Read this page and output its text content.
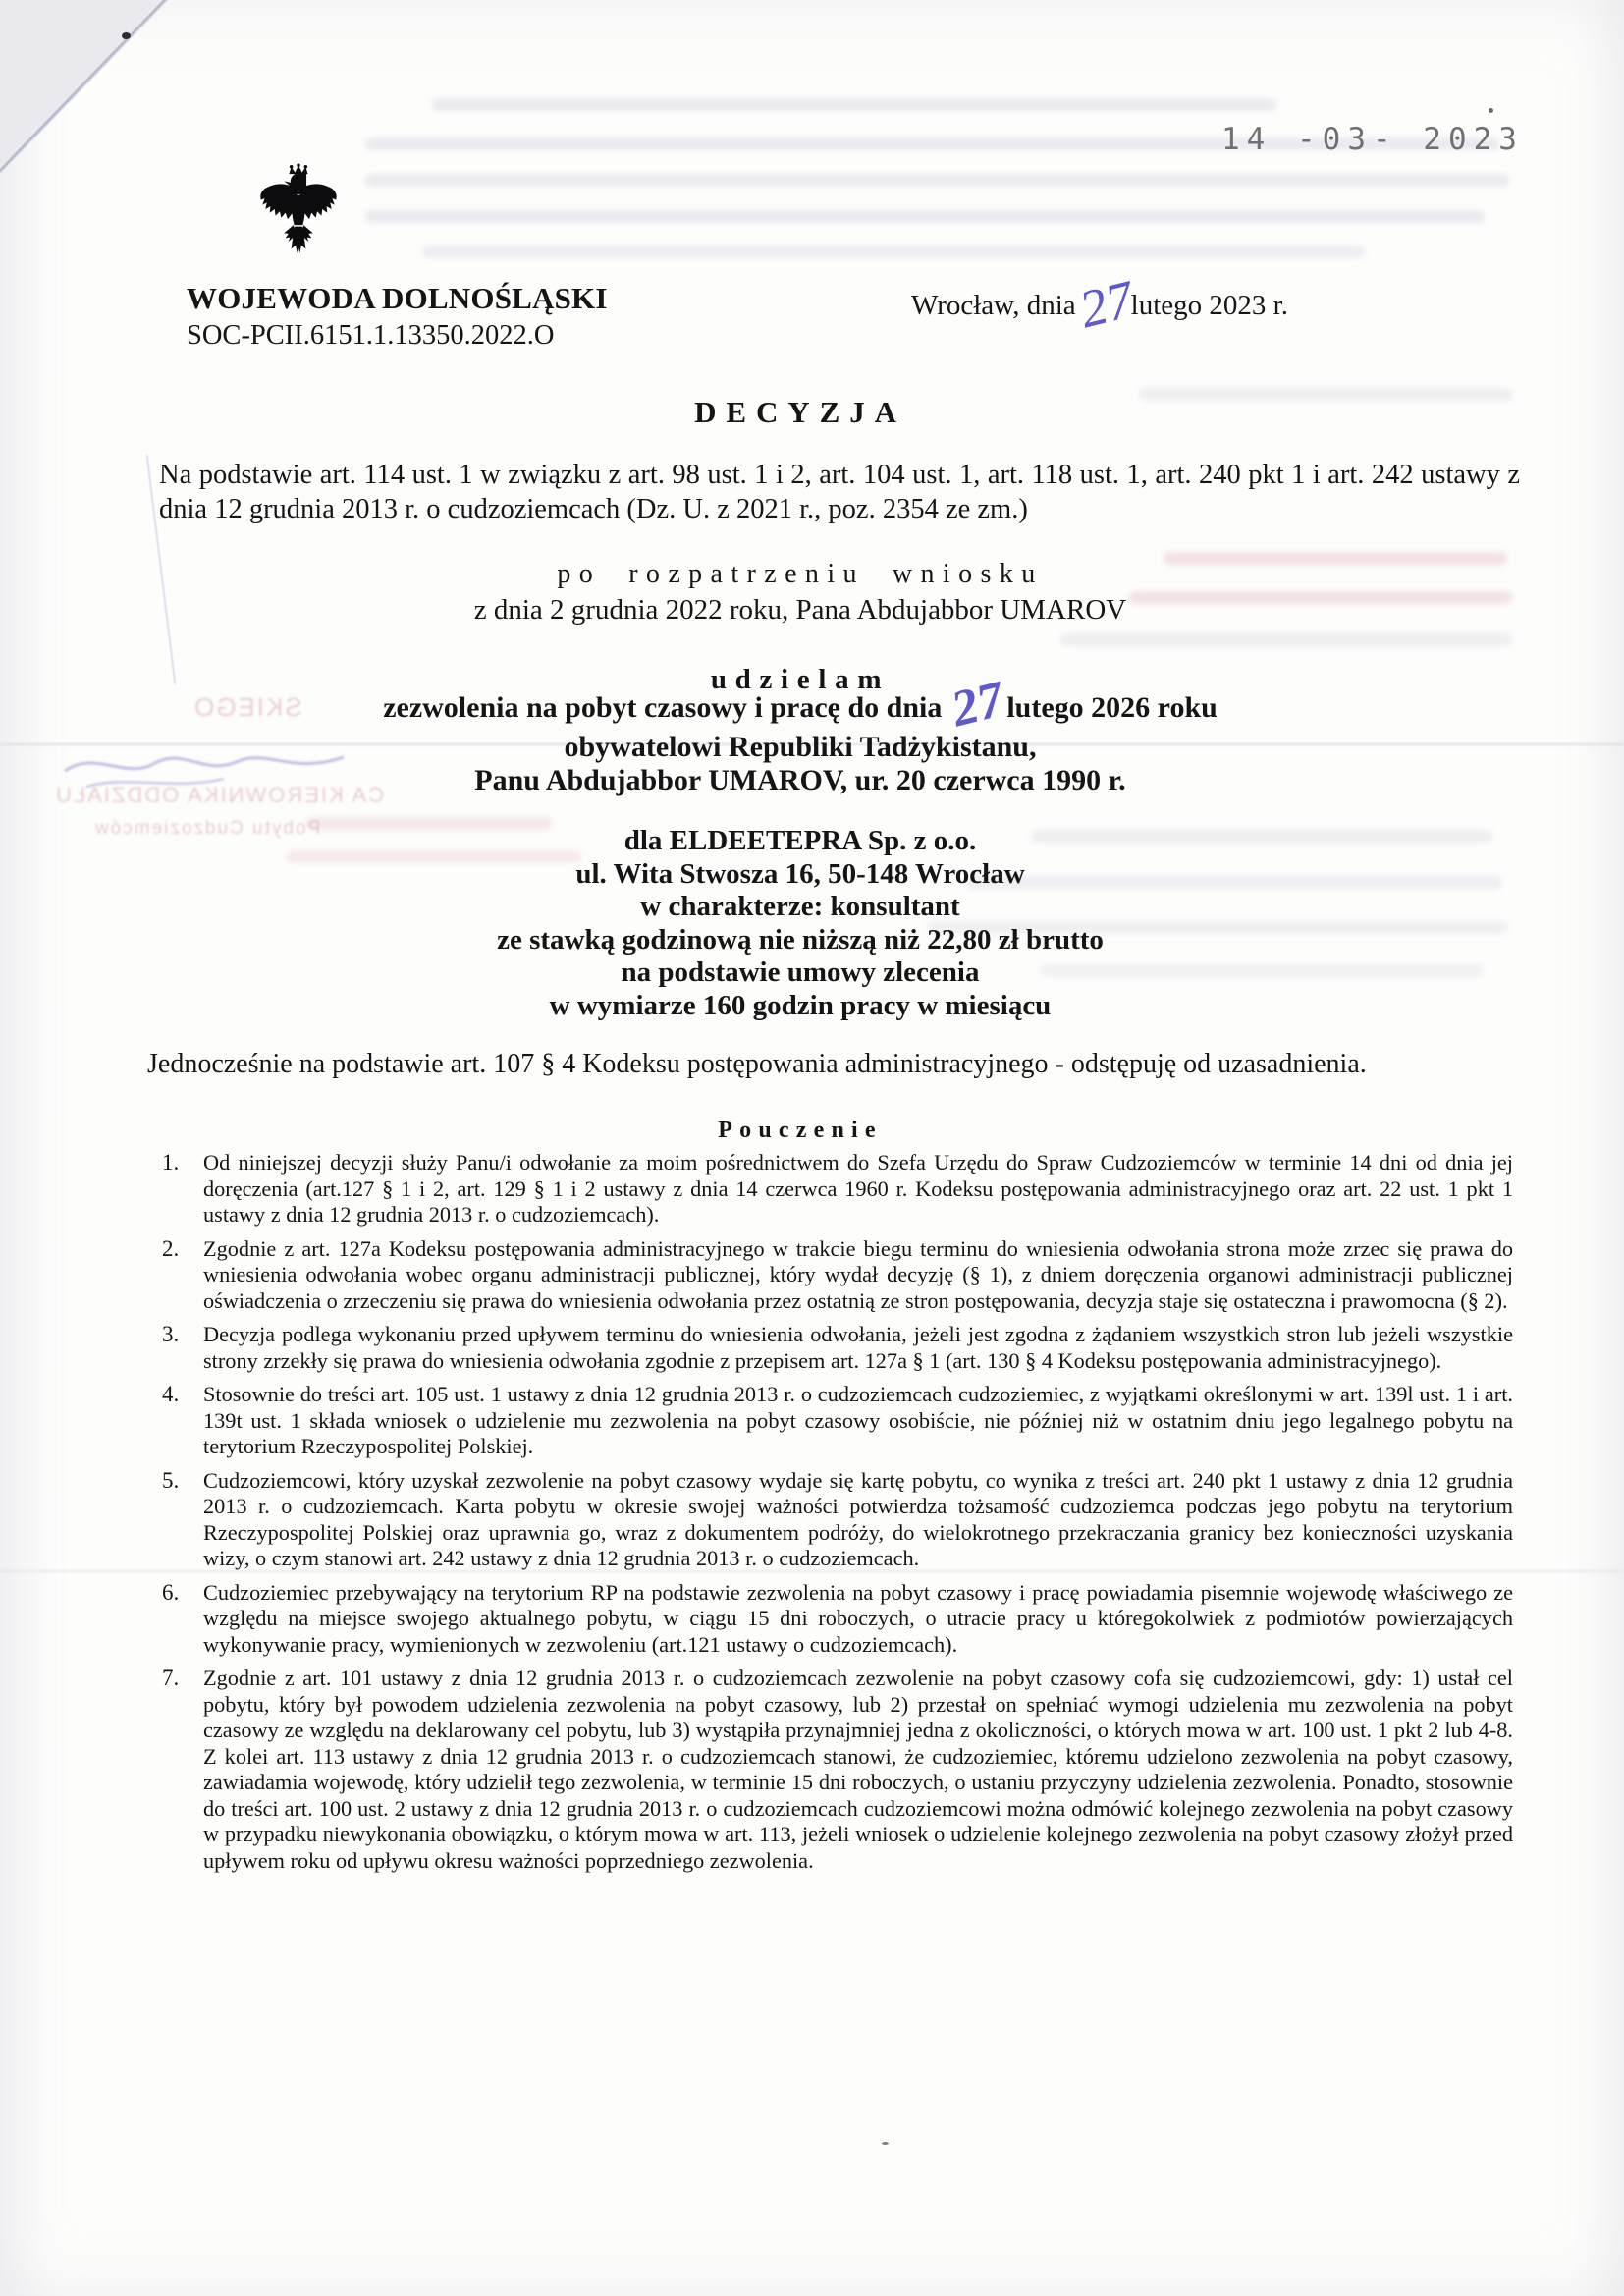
SKIEGO
CA KIEROWNIKA ODDZIAŁU
Pobytu Cudzoziemców
14 -03- 2023
WOJEWODA DOLNOŚLĄSKI
SOC-PCII.6151.1.13350.2022.O
Wrocław, dnia
27
lutego 2023 r.
DECYZJA
Na podstawie art. 114 ust. 1 w związku z art. 98 ust. 1 i 2, art. 104 ust. 1, art. 118 ust. 1, art. 240 pkt 1 i art. 242 ustawy z dnia 12 grudnia 2013 r. o cudzoziemcach (Dz. U. z 2021 r., poz. 2354 ze zm.)
po rozpatrzeniu wniosku
z dnia 2 grudnia 2022 roku, Pana Abdujabbor UMAROV
udzielam
zezwolenia na pobyt czasowy i pracę do dnia 27
lutego 2026 roku
obywatelowi Republiki Tadżykistanu,
Panu Abdujabbor UMAROV, ur. 20 czerwca 1990 r.
dla ELDEETEPRA Sp. z o.o.
ul. Wita Stwosza 16, 50-148 Wrocław
w charakterze: konsultant
ze stawką godzinową nie niższą niż 22,80 zł brutto
na podstawie umowy zlecenia
w wymiarze 160 godzin pracy w miesiącu
Jednocześnie na podstawie art. 107 § 4 Kodeksu postępowania administracyjnego - odstępuję od uzasadnienia.
Pouczenie
1.	Od niniejszej decyzji służy Panu/i odwołanie za moim pośrednictwem do Szefa Urzędu do Spraw Cudzoziemców w terminie 14 dni od dnia jej doręczenia (art.127 § 1 i 2, art. 129 § 1 i 2 ustawy z dnia 14 czerwca 1960 r. Kodeksu postępowania administracyjnego oraz art. 22 ust. 1 pkt 1 ustawy z dnia 12 grudnia 2013 r. o cudzoziemcach).
2.	Zgodnie z art. 127a Kodeksu postępowania administracyjnego w trakcie biegu terminu do wniesienia odwołania strona może zrzec się prawa do wniesienia odwołania wobec organu administracji publicznej, który wydał decyzję (§ 1), z dniem doręczenia organowi administracji publicznej oświadczenia o zrzeczeniu się prawa do wniesienia odwołania przez ostatnią ze stron postępowania, decyzja staje się ostateczna i prawomocna (§ 2).
3.	Decyzja podlega wykonaniu przed upływem terminu do wniesienia odwołania, jeżeli jest zgodna z żądaniem wszystkich stron lub jeżeli wszystkie strony zrzekły się prawa do wniesienia odwołania zgodnie z przepisem art. 127a § 1 (art. 130 § 4 Kodeksu postępowania administracyjnego).
4.	Stosownie do treści art. 105 ust. 1 ustawy z dnia 12 grudnia 2013 r. o cudzoziemcach cudzoziemiec, z wyjątkami określonymi w art. 139l ust. 1 i art. 139t ust. 1 składa wniosek o udzielenie mu zezwolenia na pobyt czasowy osobiście, nie później niż w ostatnim dniu jego legalnego pobytu na terytorium Rzeczypospolitej Polskiej.
5.	Cudzoziemcowi, który uzyskał zezwolenie na pobyt czasowy wydaje się kartę pobytu, co wynika z treści art. 240 pkt 1 ustawy z dnia 12 grudnia 2013 r. o cudzoziemcach. Karta pobytu w okresie swojej ważności potwierdza tożsamość cudzoziemca podczas jego pobytu na terytorium Rzeczypospolitej Polskiej oraz uprawnia go, wraz z dokumentem podróży, do wielokrotnego przekraczania granicy bez konieczności uzyskania wizy, o czym stanowi art. 242 ustawy z dnia 12 grudnia 2013 r. o cudzoziemcach.
6.	Cudzoziemiec przebywający na terytorium RP na podstawie zezwolenia na pobyt czasowy i pracę powiadamia pisemnie wojewodę właściwego ze względu na miejsce swojego aktualnego pobytu, w ciągu 15 dni roboczych, o utracie pracy u któregokolwiek z podmiotów powierzających wykonywanie pracy, wymienionych w zezwoleniu (art.121 ustawy o cudzoziemcach).
7.	Zgodnie z art. 101 ustawy z dnia 12 grudnia 2013 r. o cudzoziemcach zezwolenie na pobyt czasowy cofa się cudzoziemcowi, gdy: 1) ustał cel pobytu, który był powodem udzielenia zezwolenia na pobyt czasowy, lub 2) przestał on spełniać wymogi udzielenia mu zezwolenia na pobyt czasowy ze względu na deklarowany cel pobytu, lub 3) wystąpiła przynajmniej jedna z okoliczności, o których mowa w art. 100 ust. 1 pkt 2 lub 4-8. Z kolei art. 113 ustawy z dnia 12 grudnia 2013 r. o cudzoziemcach stanowi, że cudzoziemiec, któremu udzielono zezwolenia na pobyt czasowy, zawiadamia wojewodę, który udzielił tego zezwolenia, w terminie 15 dni roboczych, o ustaniu przyczyny udzielenia zezwolenia. Ponadto, stosownie do treści art. 100 ust. 2 ustawy z dnia 12 grudnia 2013 r. o cudzoziemcach cudzoziemcowi można odmówić kolejnego zezwolenia na pobyt czasowy w przypadku niewykonania obowiązku, o którym mowa w art. 113, jeżeli wniosek o udzielenie kolejnego zezwolenia na pobyt czasowy złożył przed upływem roku od upływu okresu ważności poprzedniego zezwolenia.
